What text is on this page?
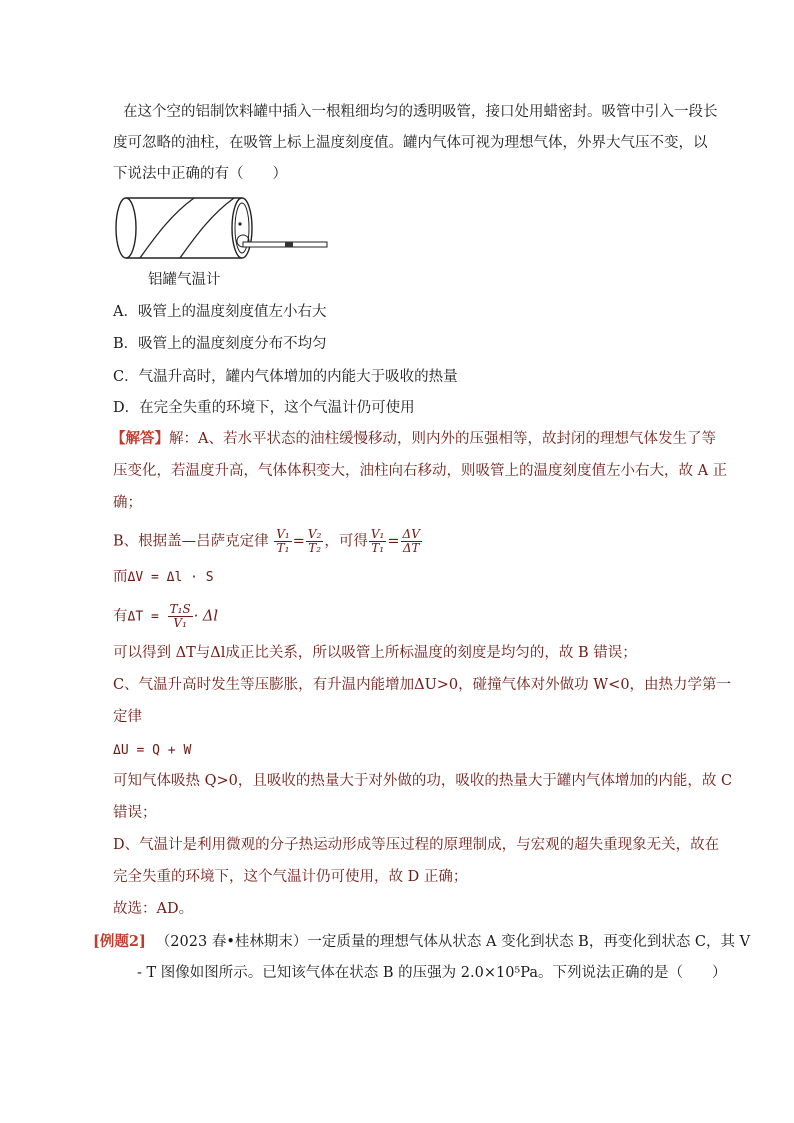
在这个空的铝制饮料罐中插入一根粗细均匀的透明吸管，接口处用蜡密封。吸管中引入一段长
度可忽略的油柱，在吸管上标上温度刻度值。罐内气体可视为理想气体，外界大气压不变，以
下说法中正确的有（　　）
铝罐气温计
A．吸管上的温度刻度值左小右大
B．吸管上的温度刻度分布不均匀
C．气温升高时，罐内气体增加的内能大于吸收的热量
D．在完全失重的环境下，这个气温计仍可使用
【解答】解：A、若水平状态的油柱缓慢移动，则内外的压强相等，故封闭的理想气体发生了等
压变化，若温度升高，气体体积变大，油柱向右移动，则吸管上的温度刻度值左小右大，故 A 正
确；
B、根据盖—吕萨克定律 $\frac{\text{V₁}}{\text{T₁}} = \frac{\text{V₂}}{\text{T₂}}$ ，可得 $\frac{\text{V₁}}{\text{T₁}} = \frac{\Delta V}{\Delta T}$
而ΔV = Δl · S
有$\Delta T = \frac{\text{T₁S}}{\text{V₁}} \cdot \Delta l$
可以得到 ΔT与Δl成正比关系，所以吸管上所标温度的刻度是均匀的，故 B 错误；
C、气温升高时发生等压膨胀，有升温内能增加ΔU>0，碰撞气体对外做功 W<0，由热力学第一
定律
ΔU = Q + W
可知气体吸热 Q>0，且吸收的热量大于对外做的功，吸收的热量大于罐内气体增加的内能，故 C
错误；
D、气温计是利用微观的分子热运动形成等压过程的原理制成，与宏观的超失重现象无关，故在
完全失重的环境下，这个气温计仍可使用，故 D 正确；
故选：AD。
[例题2] （2023 春•桂林期末）一定质量的理想气体从状态 A 变化到状态 B，再变化到状态 C，其 V
- T 图像如图所示。已知该气体在状态 B 的压强为 2.0×10⁵Pa。下列说法正确的是（　　）
